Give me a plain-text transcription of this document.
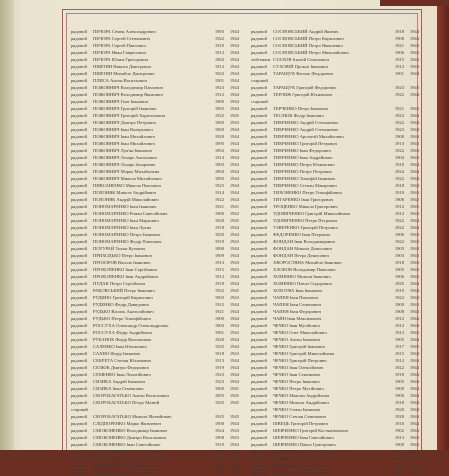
рядовой	ПЕЧОРА Семен Александрович	1905	1944
рядовой	ПЕЧОРА Сергей Степанович	1922	1944
рядовой	ПЕЧОРА Сергей Павлович	1910	1944
рядовой	ПЕЧОРА Иван Гаврилович	1913	1944
рядовой	ПЕЧОРА Юхим Григорович	1902	1944
рядовой	ПИЯТИН Никита Дмитрович	1913	1944
рядовой	ПИЯТИН Михайло Дмитрович	1923	1944
рядовой	ПЛИСА Антон Васильович	1901	1944
рядовой	ПОЖОВНИЧ Володимир Павлович	1923	1944
рядовой	ПОЖОВНИЧ Володимир Яковович	1912	1944
рядовой	ПОЖОВНИЧ Гнат Іванович	1900	1944
рядовой	ПОЖОВНИЧ Григорій Іванович	1895	1944
рядовой	ПОЖОВНИЧ Григорій Харитонович	1922	1945
рядовой	ПОЖОВНИЧ Дмитро Петрович	1900	1943
рядовой	ПОЖОВНИЧ Іван Валерьевич	1900	1944
рядовой	ПОЖОВНИЧ Іван Михайлович	1920	1944
рядовой	ПОЖОВНИЧ Іван Михайлович	1895	1944
рядовой	ПОЖОВНИЧ Лук'ян Іванович	1892	1944
рядовой	ПОЖОВНИЧ Лазарь Антонович	1914	1944
рядовой	ПОЖОВНИЧ Лазарь Захарович	1903	1943
рядовой	ПОЖОВНИЧ Марко Михайлович	1894	1944
рядовой	ПОЖОВНИЧ Микола Михайлович	1895	1944
рядовой	ПИВСАНЕНКО Микола Павлович	1925	1944
рядовой	ПОЛОНЯК Микола Андрійович	1914	1944
рядовой	ПОЛОНЯК Андрій Миколайович	1922	1944
рядовой	ПОНОМАРЕНКО Іван Іванович	1921	1941
рядовой	ПОНОМАРЕНКО Роман Савелійович	1900	1942
рядовой	ПОНОМАРЕНКО Іван Маркович	1920	1945
рядовой	ПОНОМАРЕНКО Іван Лукич	1918	1944
рядовой	ПОНОМАРЕНКО Петро Іванович	1920	1944
рядовой	ПОНОМАРЕНКО Федір Павлович	1919	1943
рядовой	ПОТУРАЙ Тихон Кузьмич	1890	1944
рядовой	ПРИХОДЬКО Петро Іванович	1909	1944
рядовой	ПРОЗОРОВ Василь Іванович	1913	1943
рядовой	ПРОКОПЕНКО Іван Сергійович	1915	1943
рядовой	ПРОКОПЕНКО Іван Андрійович	1913	1944
рядовой	ПУДАК Петро Сергійович	1918	1944
рядовой	РАКОВСЬКИЙ Петро Іванович	1922	1945
рядовой	РУДИНО Григорій Кирилович	1903	1943
рядовой	РУДЕНКО Федір Давидович	1912	1944
рядовой	РУДЬКО Василь Анатолійович	1921	1944
рядовой	РУДЬКО Петро Тимофійович	1900	1944
рядовой	РОССУХА Олександр Олександрович	1903	1944
рядовой	РОССУХА Федір Андрійович	1901	1942
рядовой	РУБАНОК Федір Васильович	1920	1944
рядовой	САЛЕНКО Іван Юхимович	1925	1944
рядовой	САХНО Федір Іванович	1918	1943
рядовой	СЕКРЕТА Степан Юхимович	1913	1944
рядовой	СЕЛЮК Дмитро Федорович	1919	1944
рядовой	СЕМЕНКО Іван Леонтійович	1923	1944
рядовой	СИЗИКА Андрій Іванович	1923	1944
рядовой	СИЗИКА Іван Семенович	1900	1941
рядовой	СКОРОБАГАТЬКО Антон Васильович	1895	1945
рядовой	СКОРОБАГАТЬКО Петро Матвій	1925	1945
старший
рядовой	СКОРОБАГАТЬКО Микола Матвійович	1925	1945
рядовой	СЛІДПОРЕНКО Марко Яковлевич	1900	1944
рядовой	СМОКОНЕНКО Володимир Іванович	1924	1943
рядовой	СМОКОНЕНКО Дмитро Васильович	1908	1943
рядовой	СМОКОНЕНКО Іван Савелійович	1919	1943
рядовой	СМОКОНЕНКО Михайло Петрович	1920	1944
рядовой	СМОКОНЕНКО Григорій Андрійович	1911	1945
рядовой	СМАЛЕНКОВ Петро Юхимович	1921	1945
рядовой	СМАЛЕНКОВ Іван Федорович	1900	1944
рядовой	СОСНОВСЬКИЙ Андрій Якович	1918	1944
рядовой	СОСНОВСЬКИЙ Петро Кирилович	1908	1944
рядовой	СОСНОВСЬКИЙ Петро Яковлевич	1921	1943
рядовой	СОСНОВСЬКИЙ Петро Миколайович	1906	1943
лейтенант СТАХОВ Ігнатій Семенович	1915	1943
рядовой	СУХОВІЙ Прокоп Іванович	1912	1943
рядовой	ТАРАЩУК Василь Федорович	1901	1944
старший
рядовой	ТАРАЩУК Григорій Федорович	1923	1945
рядовой	ТЕРЛЯЖ Григорій Юхимович	1922	1944
старший
рядовой	ТЕРЧЕНКО Петро Іванович	1921	1943
рядовой	ТЕСЛЮК Федір Іванович	1923	1944
рядовой	ТИМЧЕНКО Андрій Степанович	1922	1944
рядовой	ТИМЧЕНКО Андрій Степанович	1923	1944
рядовой	ТИМЧЕНКО Арсентій Михайлович	1900	1944
рядовой	ТИМЧЕНКО Григорій Петрович	1913	1943
рядовой	ТИМЧЕНКО Іван Федорович	1922	1943
рядовой	ТИМЧЕНКО Іван Андрійович	1904	1943
рядовой	ТИМЧЕНКО Петро Юхимович	1910	1944
рядовой	ТИМЧЕНКО Петро Петрович	1924	1944
рядовой	ТИМЧЕНКО Тимофій Іванович	1922	1944
рядовой	ТИМЧЕНКО Степан Макарович	1918	1944
рядовой	ТИХОНЕНКО Петро Тимофійович	1910	1943
рядовой	ТИТАРЕНКО Іван Григорович	1906	1942
рядовой	ТРОЦЕНКО Микола Григорович	1912	1945
рядовой	УДОВИЧЕНКО Григорій Миколайович	1912	1943
рядовой	УДОВИЧЕНКО Петро Петрович	1922	1944
рядовой	УЗВЕРЕНКО Григорій Петрович	1922	1944
рядовой	ФЕДОРЕНКО Іван Петрович	1906	1943
рядовой	ФОНДАН Іван Володимирович	1922	1943
рядовой	ФОНДАН Микола Денисович	1905	1944
рядовой	ФОНДАН Петро Денисович	1903	1943
рядовой	ХВОРОСТЯНА Михайло Іванович	1918	1943
рядовой	ХЛОКОВ Володимир Павлович	1905	1943
рядовой	ХОМЕНКО Микола Іванович	1906	1943
рядовой	ХОМЕНКО Павло Сидорович	1925	1944
рядовой	ХОХОТВА Іван Іванович	1919	1944
рядовой	ЧАПЕН Іван Павлович	1922	1944
рядовой	ЧАПЕН Іван Семенович	1909	1942
рядовой	ЧАПЕН Іван Федорович	1908	1943
рядовой	ЧАЙН Іван Максимович	1912	1944
рядовой	ЧЕЧКО Іван Мусійович	1912	1944
рядовой	ЧЕЧКО Олег Миколайович	1913	1943
рядовой	ЧЕЧКО Антон Іванович	1905	1944
рядовой	ЧЕЧКО Григорій Іванович	1917	1945
рядовой	ЧЕЧКО Григорій Миколайович	1915	1944
рядовой	ЧЕЧКО Григорій Петрович	1912	1944
рядовой	ЧЕЧКО Іван Олексійович	1922	1944
рядовой	ЧЕЧКО Іван Семенович	1918	1944
рядовой	ЧЕЧКО Петро Іванович	1905	1944
рядовой	ЧЕЧКО Петро Мусійович	1900	1944
рядовой	ЧЕЧКО Максим Андрійович	1900	1944
рядовой	ЧЕЧКО Микола Андрійович	1918	1944
рядовой	ЧЕЧКО Семен Іванович	1920	1944
рядовой	ЧЕЧКО Степан Семенович	1920	1944
рядовой	ШВЕЦЬ Григорій Петрович	1910	1944
рядовой	ШЕВЧЕНКО Григорій Костянтинович	1902	1943
рядовой	ШЕВЧЕНКО Іван Савелійович	1913	1943
рядовой	ШЕВЧЕНКО Павло Григорович	1900	1943
рядовой	ШИНКАРЕНКО Петро Семенович	1901	1944
рядовой	ШИНКО Іван Олексійович	1915	1943
рядовой	ШИНКО Іван Тимофійович	1922	1944
рядовой	ШИНКО Михайло Іванович	1903	1943
